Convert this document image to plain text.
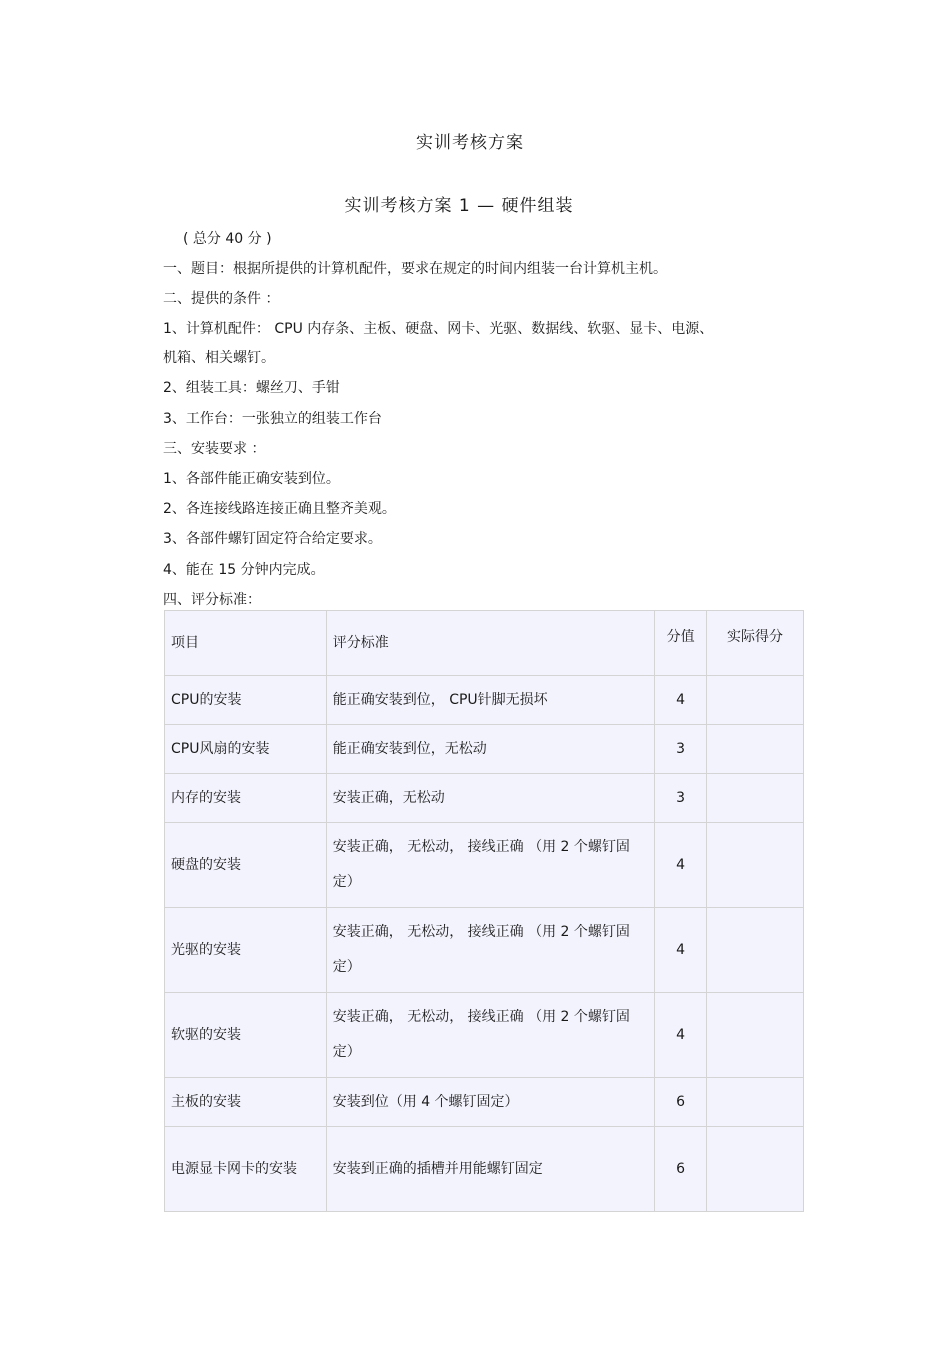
实训考核方案
实训考核方案 1 — 硬件组装
( 总分 40 分 )
一、题目：根据所提供的计算机配件，要求在规定的时间内组装一台计算机主机。
二、提供的条件 ：
1、计算机配件： CPU 内存条、主板、硬盘、网卡、光驱、数据线、软驱、显卡、电源、
机箱、相关螺钉。
2、组装工具：螺丝刀、手钳
3、工作台：一张独立的组装工作台
三、安装要求 ：
1、各部件能正确安装到位。
2、各连接线路连接正确且整齐美观。
3、各部件螺钉固定符合给定要求。
4、能在 15 分钟内完成。
四、评分标准：
项目	评分标准	分值	实际得分
CPU的安装	能正确安装到位， CPU针脚无损坏	4	
CPU风扇的安装	能正确安装到位，无松动	3	
内存的安装	安装正确，无松动	3	
硬盘的安装	安装正确， 无松动， 接线正确 （用 2 个螺钉固定）	4	
光驱的安装	安装正确， 无松动， 接线正确 （用 2 个螺钉固定）	4	
软驱的安装	安装正确， 无松动， 接线正确 （用 2 个螺钉固定）	4	
主板的安装	安装到位（用 4 个螺钉固定）	6	
电源显卡网卡的安装	安装到正确的插槽并用能螺钉固定	6	
